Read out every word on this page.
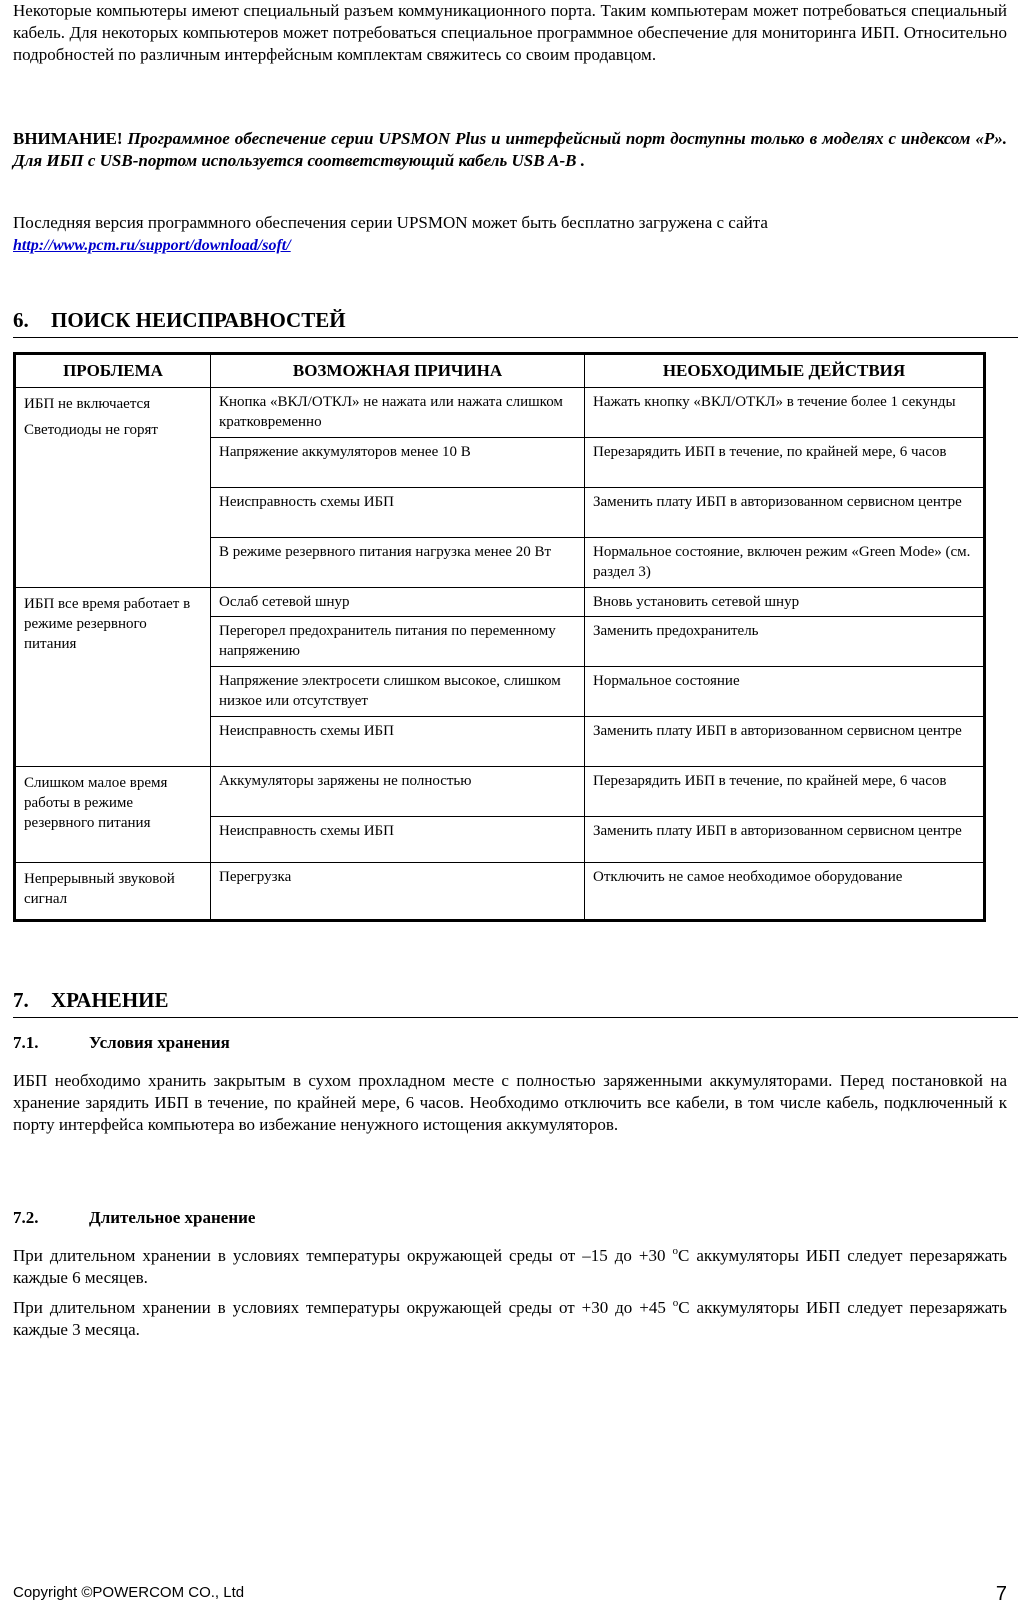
Некоторые компьютеры имеют специальный разъем коммуникационного порта. Таким компьютерам может потребоваться специальный кабель. Для некоторых компьютеров может потребоваться специальное программное обеспечение для мониторинга ИБП. Относительно подробностей по различным интерфейсным комплектам свяжитесь со своим продавцом.

ВНИМАНИЕ! Программное обеспечение серии UPSMON Plus и интерфейсный порт доступны только в моделях с индексом «P». Для ИБП с USB-портом используется соответствующий кабель USB A-B .

Последняя версия программного обеспечения серии UPSMON может быть бесплатно загружена с сайта
http://www.pcm.ru/support/download/soft/

6. ПОИСК НЕИСПРАВНОСТЕЙ
ПРОБЛЕМА	ВОЗМОЖНАЯ ПРИЧИНА	НЕОБХОДИМЫЕ ДЕЙСТВИЯ

ИБП не включается
Светодиоды не горят	Кнопка «ВКЛ/ОТКЛ» не нажата или нажата слишком кратковременно	Нажать кнопку «ВКЛ/ОТКЛ» в течение более 1 секунды
	Напряжение аккумуляторов менее 10 В	Перезарядить ИБП в течение, по крайней мере, 6 часов
	Неисправность схемы ИБП	Заменить плату ИБП в авторизованном сервисном центре
	В режиме резервного питания нагрузка менее 20 Вт	Нормальное состояние, включен режим «Green Mode» (см. раздел 3)

ИБП все время работает в режиме резервного питания	Ослаб сетевой шнур	Вновь установить сетевой шнур
	Перегорел предохранитель питания по переменному напряжению	Заменить предохранитель
	Напряжение электросети слишком высокое, слишком низкое или отсутствует	Нормальное состояние
	Неисправность схемы ИБП	Заменить плату ИБП в авторизованном сервисном центре

Слишком малое время работы в режиме резервного питания	Аккумуляторы заряжены не полностью	Перезарядить ИБП в течение, по крайней мере, 6 часов
	Неисправность схемы ИБП	Заменить плату ИБП в авторизованном сервисном центре

Непрерывный звуковой сигнал	Перегрузка	Отключить не самое необходимое оборудование
7. ХРАНЕНИЕ
7.1.	Условия хранения

ИБП необходимо хранить закрытым в сухом прохладном месте с полностью заряженными аккумуляторами. Перед постановкой на хранение зарядить ИБП в течение, по крайней мере, 6 часов. Необходимо отключить все кабели, в том числе кабель, подключенный к порту интерфейса компьютера во избежание ненужного истощения аккумуляторов.

7.2.	Длительное хранение

При длительном хранении в условиях температуры окружающей среды от –15 до +30 $^о$С аккумуляторы ИБП следует перезаряжать каждые 6 месяцев.

При длительном хранении в условиях температуры окружающей среды от +30 до +45 $^о$С аккумуляторы ИБП следует перезаряжать каждые 3 месяца.

Copyright ©POWERCOM CO., Ltd	7
